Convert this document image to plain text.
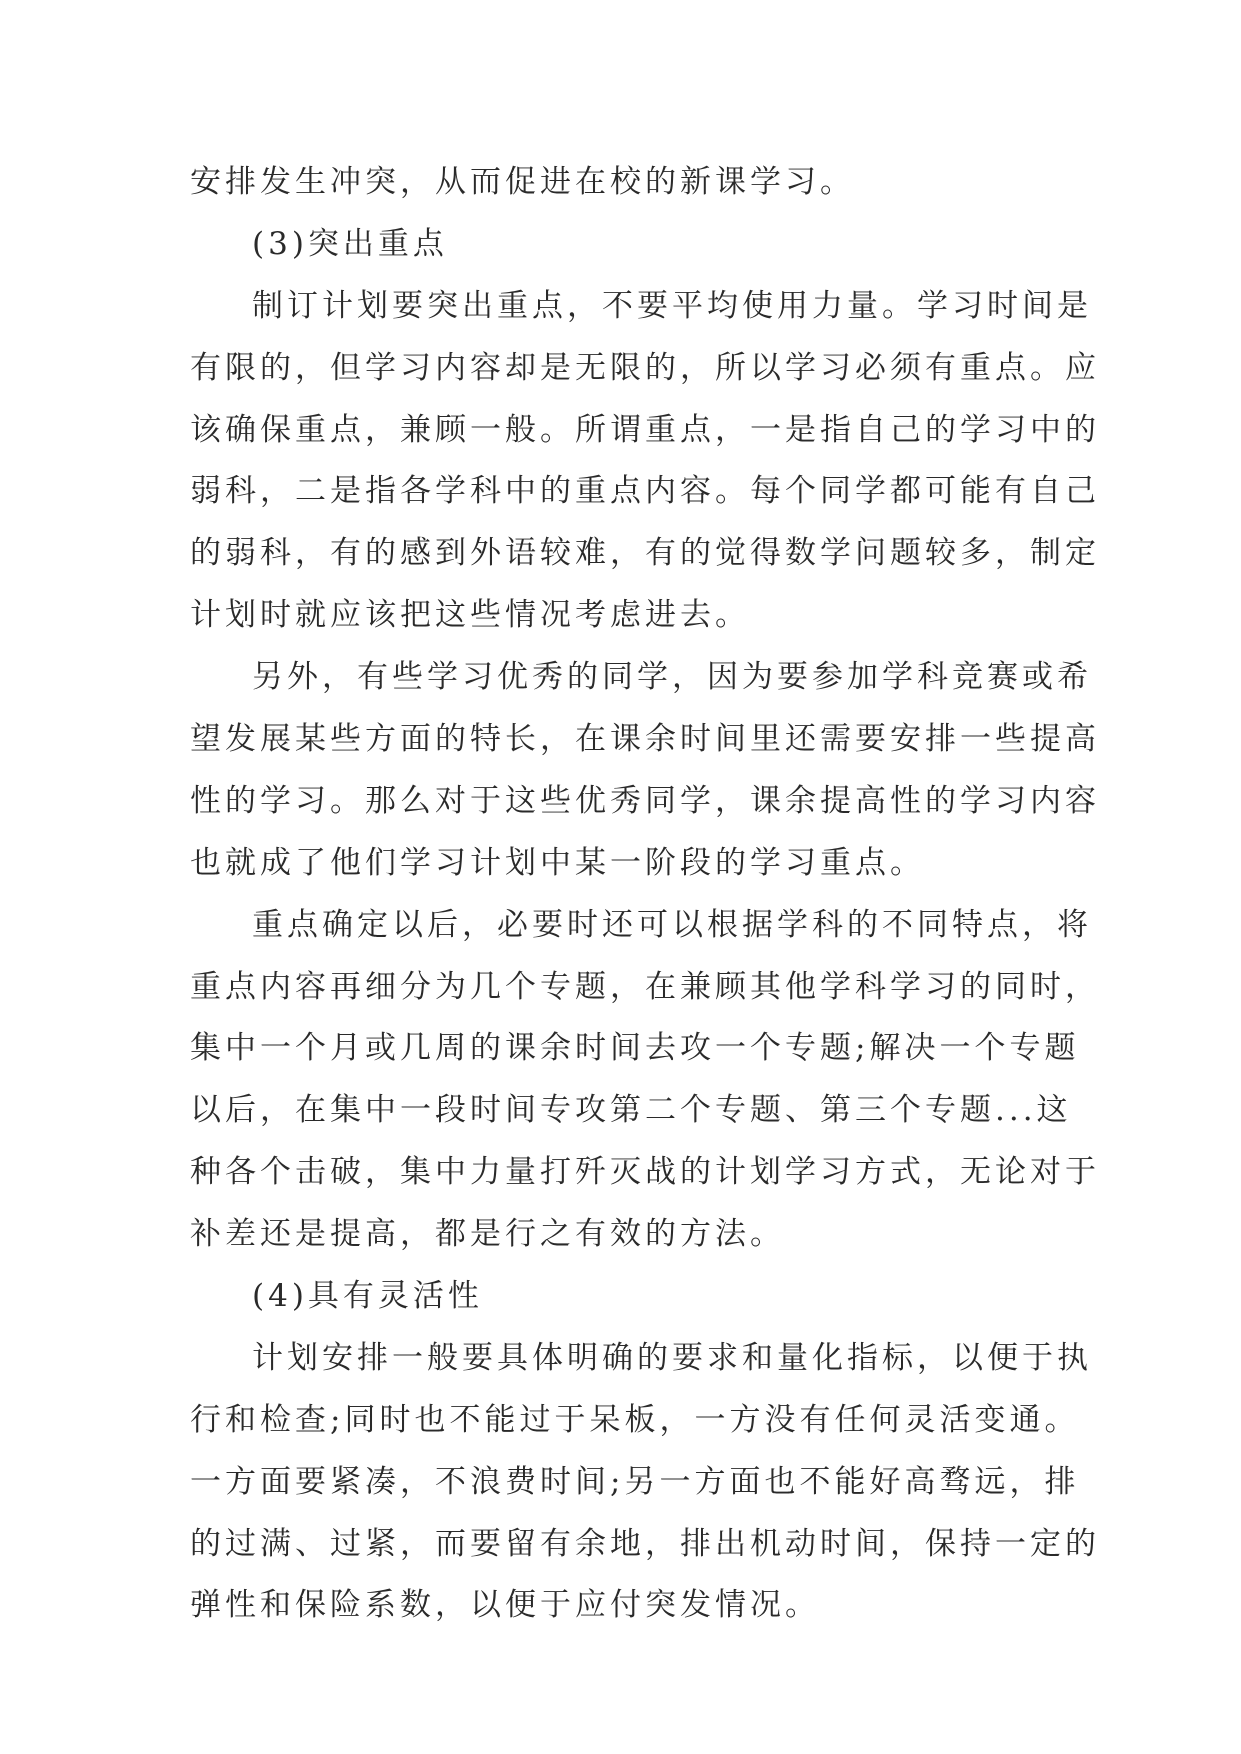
安排发生冲突，从而促进在校的新课学习。
(3)突出重点
制订计划要突出重点，不要平均使用力量。学习时间是
有限的，但学习内容却是无限的，所以学习必须有重点。应
该确保重点，兼顾一般。所谓重点，一是指自己的学习中的
弱科，二是指各学科中的重点内容。每个同学都可能有自己
的弱科，有的感到外语较难，有的觉得数学问题较多，制定
计划时就应该把这些情况考虑进去。
另外，有些学习优秀的同学，因为要参加学科竞赛或希
望发展某些方面的特长，在课余时间里还需要安排一些提高
性的学习。那么对于这些优秀同学，课余提高性的学习内容
也就成了他们学习计划中某一阶段的学习重点。
重点确定以后，必要时还可以根据学科的不同特点，将
重点内容再细分为几个专题，在兼顾其他学科学习的同时，
集中一个月或几周的课余时间去攻一个专题;解决一个专题
以后，在集中一段时间专攻第二个专题、第三个专题...这
种各个击破，集中力量打歼灭战的计划学习方式，无论对于
补差还是提高，都是行之有效的方法。
(4)具有灵活性
计划安排一般要具体明确的要求和量化指标，以便于执
行和检查;同时也不能过于呆板，一方没有任何灵活变通。
一方面要紧凑，不浪费时间;另一方面也不能好高骛远，排
的过满、过紧，而要留有余地，排出机动时间，保持一定的
弹性和保险系数，以便于应付突发情况。
